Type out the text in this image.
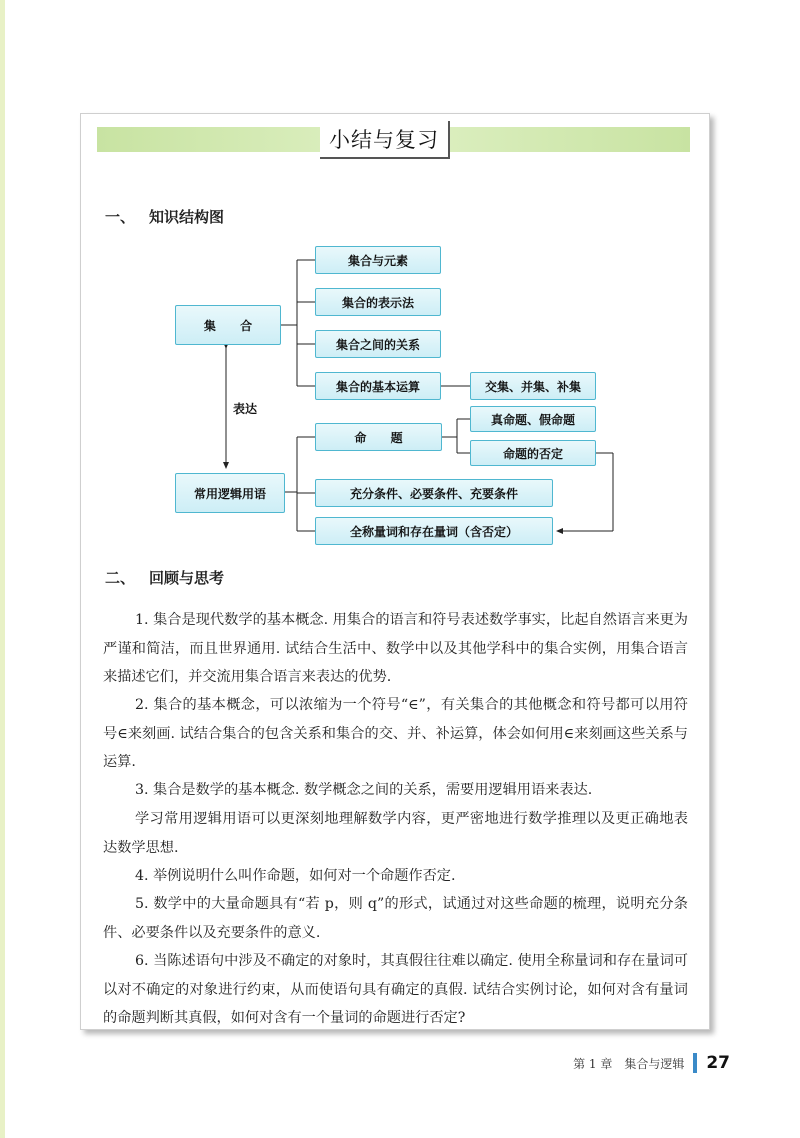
小结与复习
一、 知识结构图
集 合
集合与元素
集合的表示法
集合之间的关系
集合的基本运算	交集、并集、补集
表达
常用逻辑用语
命 题
真命题、假命题
命题的否定
充分条件、必要条件、充要条件
全称量词和存在量词（含否定）
二、 回顾与思考
1. 集合是现代数学的基本概念. 用集合的语言和符号表述数学事实，比起自然语言来更为严谨和简洁，而且世界通用. 试结合生活中、数学中以及其他学科中的集合实例，用集合语言来描述它们，并交流用集合语言来表达的优势.
2. 集合的基本概念，可以浓缩为一个符号“∈”，有关集合的其他概念和符号都可以用符号∈来刻画. 试结合集合的包含关系和集合的交、并、补运算，体会如何用∈来刻画这些关系与运算.
3. 集合是数学的基本概念. 数学概念之间的关系，需要用逻辑用语来表达.
学习常用逻辑用语可以更深刻地理解数学内容，更严密地进行数学推理以及更正确地表达数学思想.
4. 举例说明什么叫作命题，如何对一个命题作否定.
5. 数学中的大量命题具有“若 p，则 q”的形式，试通过对这些命题的梳理，说明充分条件、必要条件以及充要条件的意义.
6. 当陈述语句中涉及不确定的对象时，其真假往往难以确定. 使用全称量词和存在量词可以对不确定的对象进行约束，从而使语句具有确定的真假. 试结合实例讨论，如何对含有量词的命题判断其真假，如何对含有一个量词的命题进行否定?
第 1 章　集合与逻辑 27
